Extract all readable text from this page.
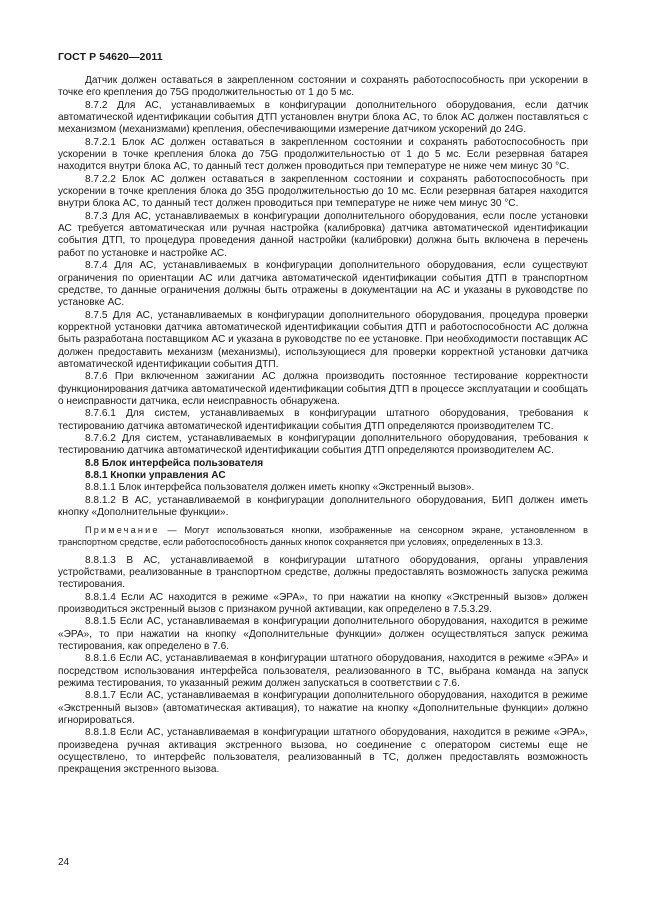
ГОСТ Р 54620—2011

Датчик должен оставаться в закрепленном состоянии и сохранять работоспособность при ускорении в точке его крепления до 75G продолжительностью от 1 до 5 мс.

8.7.2 Для АС, устанавливаемых в конфигурации дополнительного оборудования, если датчик автоматической идентификации события ДТП установлен внутри блока АС, то блок АС должен поставляться с механизмом (механизмами) крепления, обеспечивающими измерение датчиком ускорений до 24G.

8.7.2.1 Блок АС должен оставаться в закрепленном состоянии и сохранять работоспособность при ускорении в точке крепления блока до 75G продолжительностью от 1 до 5 мс. Если резервная батарея находится внутри блока АС, то данный тест должен проводиться при температуре не ниже чем минус 30 °С.

8.7.2.2 Блок АС должен оставаться в закрепленном состоянии и сохранять работоспособность при ускорении в точке крепления блока до 35G продолжительностью до 10 мс. Если резервная батарея находится внутри блока АС, то данный тест должен проводиться при температуре не ниже чем минус 30 °С.

8.7.3 Для АС, устанавливаемых в конфигурации дополнительного оборудования, если после установки АС требуется автоматическая или ручная настройка (калибровка) датчика автоматической идентификации события ДТП, то процедура проведения данной настройки (калибровки) должна быть включена в перечень работ по установке и настройке АС.

8.7.4 Для АС, устанавливаемых в конфигурации дополнительного оборудования, если существуют ограничения по ориентации АС или датчика автоматической идентификации события ДТП в транспортном средстве, то данные ограничения должны быть отражены в документации на АС и указаны в руководстве по установке АС.

8.7.5 Для АС, устанавливаемых в конфигурации дополнительного оборудования, процедура проверки корректной установки датчика автоматической идентификации события ДТП и работоспособности АС должна быть разработана поставщиком АС и указана в руководстве по ее установке. При необходимости поставщик АС должен предоставить механизм (механизмы), использующиеся для проверки корректной установки датчика автоматической идентификации события ДТП.

8.7.6 При включенном зажигании АС должна производить постоянное тестирование корректности функционирования датчика автоматической идентификации события ДТП в процессе эксплуатации и сообщать о неисправности датчика, если неисправность обнаружена.

8.7.6.1 Для систем, устанавливаемых в конфигурации штатного оборудования, требования к тестированию датчика автоматической идентификации события ДТП определяются производителем ТС.

8.7.6.2 Для систем, устанавливаемых в конфигурации дополнительного оборудования, требования к тестированию датчика автоматической идентификации события ДТП определяются производителем АС.

8.8 Блок интерфейса пользователя

8.8.1 Кнопки управления АС

8.8.1.1 Блок интерфейса пользователя должен иметь кнопку «Экстренный вызов».

8.8.1.2 В АС, устанавливаемой в конфигурации дополнительного оборудования, БИП должен иметь кнопку «Дополнительные функции».

Примечание — Могут использоваться кнопки, изображенные на сенсорном экране, установленном в транспортном средстве, если работоспособность данных кнопок сохраняется при условиях, определенных в 13.3.

8.8.1.3 В АС, устанавливаемой в конфигурации штатного оборудования, органы управления устройствами, реализованные в транспортном средстве, должны предоставлять возможность запуска режима тестирования.

8.8.1.4 Если АС находится в режиме «ЭРА», то при нажатии на кнопку «Экстренный вызов» должен производиться экстренный вызов с признаком ручной активации, как определено в 7.5.3.29.

8.8.1.5 Если АС, устанавливаемая в конфигурации дополнительного оборудования, находится в режиме «ЭРА», то при нажатии на кнопку «Дополнительные функции» должен осуществляться запуск режима тестирования, как определено в 7.6.

8.8.1.6 Если АС, устанавливаемая в конфигурации штатного оборудования, находится в режиме «ЭРА» и посредством использования интерфейса пользователя, реализованного в ТС, выбрана команда на запуск режима тестирования, то указанный режим должен запускаться в соответствии с 7.6.

8.8.1.7 Если АС, устанавливаемая в конфигурации дополнительного оборудования, находится в режиме «Экстренный вызов» (автоматическая активация), то нажатие на кнопку «Дополнительные функции» должно игнорироваться.

8.8.1.8 Если АС, устанавливаемая в конфигурации штатного оборудования, находится в режиме «ЭРА», произведена ручная активация экстренного вызова, но соединение с оператором системы еще не осуществлено, то интерфейс пользователя, реализованный в ТС, должен предоставлять возможность прекращения экстренного вызова.

24
